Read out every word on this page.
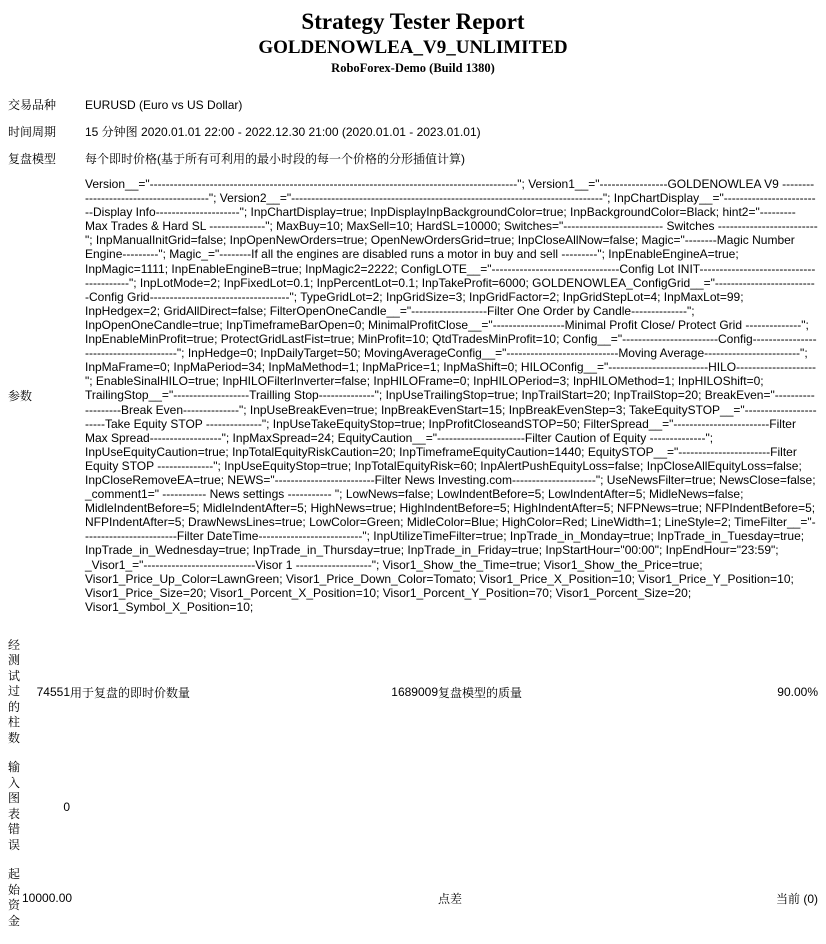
Strategy Tester Report
GOLDENOWLEA_V9_UNLIMITED
RoboForex-Demo (Build 1380)
交易品种	EURUSD (Euro vs US Dollar)
时间周期	15 分钟图 2020.01.01 22:00 - 2022.12.30 21:00 (2020.01.01 - 2023.01.01)
复盘模型	每个即时价格(基于所有可利用的最小时段的每一个价格的分形插值计算)
参数	Version__="--------------------------------------------------------------------------------------------"; Version1__="-----------------GOLDENOWLEA V9 ---------------------------------------"; Version2__="------------------------------------------------------------------------------"; InpChartDisplay__="-------------------------Display Info---------------------"; InpChartDisplay=true; InpDisplayInpBackgroundColor=true; InpBackgroundColor=Black; hint2="--------- Max Trades & Hard SL --------------"; MaxBuy=10; MaxSell=10; HardSL=10000; Switches="------------------------- Switches ------------------------- "; InpManualInitGrid=false; InpOpenNewOrders=true; OpenNewOrdersGrid=true; InpCloseAllNow=false; Magic="--------Magic Number Engine---------"; Magic_="--------If all the engines are disabled runs a motor in buy and sell ---------"; InpEnableEngineA=true; InpMagic=1111; InpEnableEngineB=true; InpMagic2=2222; ConfigLOTE__="--------------------------------Config Lot INIT----------------------------------------"; InpLotMode=2; InpFixedLot=0.1; InpPercentLot=0.1; InpTakeProfit=6000; GOLDENOWLEA_ConfigGrid__="--------------------------Config Grid-----------------------------------"; TypeGridLot=2; InpGridSize=3; InpGridFactor=2; InpGridStepLot=4; InpMaxLot=99; InpHedgex=2; GridAllDirect=false; FilterOpenOneCandle__="-------------------Filter One Order by Candle--------------"; InpOpenOneCandle=true; InpTimeframeBarOpen=0; MinimalProfitClose__="------------------Minimal Profit Close/ Protect Grid --------------"; InpEnableMinProfit=true; ProtectGridLastFist=true; MinProfit=10; QtdTradesMinProfit=10; Config__="------------------------Config---------------------------------------"; InpHedge=0; InpDailyTarget=50; MovingAverageConfig__="----------------------------Moving Average------------------------"; InpMaFrame=0; InpMaPeriod=34; InpMaMethod=1; InpMaPrice=1; InpMaShift=0; HILOConfig__="-------------------------HILO--------------------"; EnableSinalHILO=true; InpHILOFilterInverter=false; InpHILOFrame=0; InpHILOPeriod=3; InpHILOMethod=1; InpHILOShift=0; TrailingStop__="-------------------Trailling Stop--------------"; InpUseTrailingStop=true; InpTrailStart=20; InpTrailStop=20; BreakEven="-------------------Break Even--------------"; InpUseBreakEven=true; InpBreakEvenStart=15; InpBreakEvenStep=3; TakeEquitySTOP__="-----------------------Take Equity STOP --------------"; InpUseTakeEquityStop=true; InpProfitCloseandSTOP=50; FilterSpread__="------------------------Filter Max Spread------------------"; InpMaxSpread=24; EquityCaution__="----------------------Filter Caution of Equity --------------"; InpUseEquityCaution=true; InpTotalEquityRiskCaution=20; InpTimeframeEquityCaution=1440; EquitySTOP__="-----------------------Filter Equity STOP --------------"; InpUseEquityStop=true; InpTotalEquityRisk=60; InpAlertPushEquityLoss=false; InpCloseAllEquityLoss=false; InpCloseRemoveEA=true; NEWS="-------------------------Filter News Investing.com---------------------"; UseNewsFilter=true; NewsClose=false; _comment1=" ----------- News settings ----------- "; LowNews=false; LowIndentBefore=5; LowIndentAfter=5; MidleNews=false; MidleIndentBefore=5; MidleIndentAfter=5; HighNews=true; HighIndentBefore=5; HighIndentAfter=5; NFPNews=true; NFPIndentBefore=5; NFPIndentAfter=5; DrawNewsLines=true; LowColor=Green; MidleColor=Blue; HighColor=Red; LineWidth=1; LineStyle=2; TimeFilter__="------------------------Filter DateTime--------------------------"; InpUtilizeTimeFilter=true; InpTrade_in_Monday=true; InpTrade_in_Tuesday=true; InpTrade_in_Wednesday=true; InpTrade_in_Thursday=true; InpTrade_in_Friday=true; InpStartHour="00:00"; InpEndHour="23:59"; _Visor1_="----------------------------Visor 1 -------------------"; Visor1_Show_the_Time=true; Visor1_Show_the_Price=true; Visor1_Price_Up_Color=LawnGreen; Visor1_Price_Down_Color=Tomato; Visor1_Price_X_Position=10; Visor1_Price_Y_Position=10; Visor1_Price_Size=20; Visor1_Porcent_X_Position=10; Visor1_Porcent_Y_Position=70; Visor1_Porcent_Size=20; Visor1_Symbol_X_Position=10;
经测试过的柱数	74551	用于复盘的即时价数量	1689009	复盘模型的质量	90.00%
输入图表错误	0				
起始资金	10000.00			点差	当前 (0)
